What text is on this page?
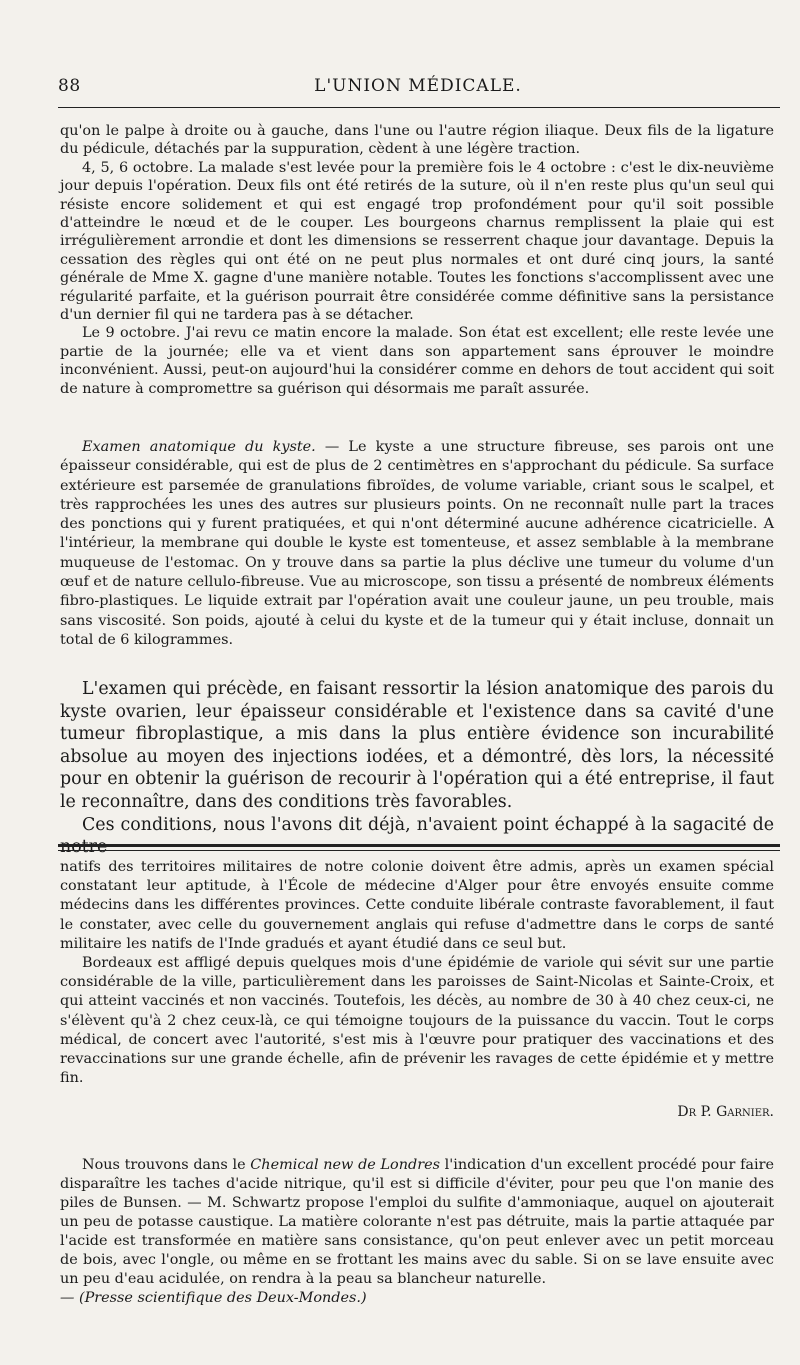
L'UNION MÉDICALE.
88

qu'on le palpe à droite ou à gauche, dans l'une ou l'autre région iliaque. Deux fils de la ligature du pédicule, détachés par la suppuration, cèdent à une légère traction.

4, 5, 6 octobre. La malade s'est levée pour la première fois le 4 octobre : c'est le dix-neuvième jour depuis l'opération. Deux fils ont été retirés de la suture, où il n'en reste plus qu'un seul qui résiste encore solidement et qui est engagé trop profondément pour qu'il soit possible d'atteindre le nœud et de le couper. Les bourgeons charnus remplissent la plaie qui est irrégulièrement arrondie et dont les dimensions se resserrent chaque jour davantage. Depuis la cessation des règles qui ont été on ne peut plus normales et ont duré cinq jours, la santé générale de Mme X. gagne d'une manière notable. Toutes les fonctions s'accomplissent avec une régularité parfaite, et la guérison pourrait être considérée comme définitive sans la persistance d'un dernier fil qui ne tardera pas à se détacher.

Le 9 octobre. J'ai revu ce matin encore la malade. Son état est excellent; elle reste levée une partie de la journée; elle va et vient dans son appartement sans éprouver le moindre inconvénient. Aussi, peut-on aujourd'hui la considérer comme en dehors de tout accident qui soit de nature à compromettre sa guérison qui désormais me paraît assurée.

Examen anatomique du kyste. — Le kyste a une structure fibreuse, ses parois ont une épaisseur considérable, qui est de plus de 2 centimètres en s'approchant du pédicule. Sa surface extérieure est parsemée de granulations fibroïdes, de volume variable, criant sous le scalpel, et très rapprochées les unes des autres sur plusieurs points. On ne reconnaît nulle part la traces des ponctions qui y furent pratiquées, et qui n'ont déterminé aucune adhérence cicatricielle. A l'intérieur, la membrane qui double le kyste est tomenteuse, et assez semblable à la membrane muqueuse de l'estomac. On y trouve dans sa partie la plus déclive une tumeur du volume d'un œuf et de nature cellulo-fibreuse. Vue au microscope, son tissu a présenté de nombreux éléments fibro-plastiques. Le liquide extrait par l'opération avait une couleur jaune, un peu trouble, mais sans viscosité. Son poids, ajouté à celui du kyste et de la tumeur qui y était incluse, donnait un total de 6 kilogrammes.

L'examen qui précède, en faisant ressortir la lésion anatomique des parois du kyste ovarien, leur épaisseur considérable et l'existence dans sa cavité d'une tumeur fibroplastique, a mis dans la plus entière évidence son incurabilité absolue au moyen des injections iodées, et a démontré, dès lors, la nécessité pour en obtenir la guérison de recourir à l'opération qui a été entreprise, il faut le reconnaître, dans des conditions très favorables.

Ces conditions, nous l'avons dit déjà, n'avaient point échappé à la sagacité de notre

natifs des territoires militaires de notre colonie doivent être admis, après un examen spécial constatant leur aptitude, à l'École de médecine d'Alger pour être envoyés ensuite comme médecins dans les différentes provinces. Cette conduite libérale contraste favorablement, il faut le constater, avec celle du gouvernement anglais qui refuse d'admettre dans le corps de santé militaire les natifs de l'Inde gradués et ayant étudié dans ce seul but.

Bordeaux est affligé depuis quelques mois d'une épidémie de variole qui sévit sur une partie considérable de la ville, particulièrement dans les paroisses de Saint-Nicolas et Sainte-Croix, et qui atteint vaccinés et non vaccinés. Toutefois, les décès, au nombre de 30 à 40 chez ceux-ci, ne s'élèvent qu'à 2 chez ceux-là, ce qui témoigne toujours de la puissance du vaccin. Tout le corps médical, de concert avec l'autorité, s'est mis à l'œuvre pour pratiquer des vaccinations et des revaccinations sur une grande échelle, afin de prévenir les ravages de cette épidémie et y mettre fin.

Dr P. Garnier.

Nous trouvons dans le Chemical new de Londres l'indication d'un excellent procédé pour faire disparaître les taches d'acide nitrique, qu'il est si difficile d'éviter, pour peu que l'on manie des piles de Bunsen. — M. Schwartz propose l'emploi du sulfite d'ammoniaque, auquel on ajouterait un peu de potasse caustique. La matière colorante n'est pas détruite, mais la partie attaquée par l'acide est transformée en matière sans consistance, qu'on peut enlever avec un petit morceau de bois, avec l'ongle, ou même en se frottant les mains avec du sable. Si on se lave ensuite avec un peu d'eau acidulée, on rendra à la peau sa blancheur naturelle.

— (Presse scientifique des Deux-Mondes.)
